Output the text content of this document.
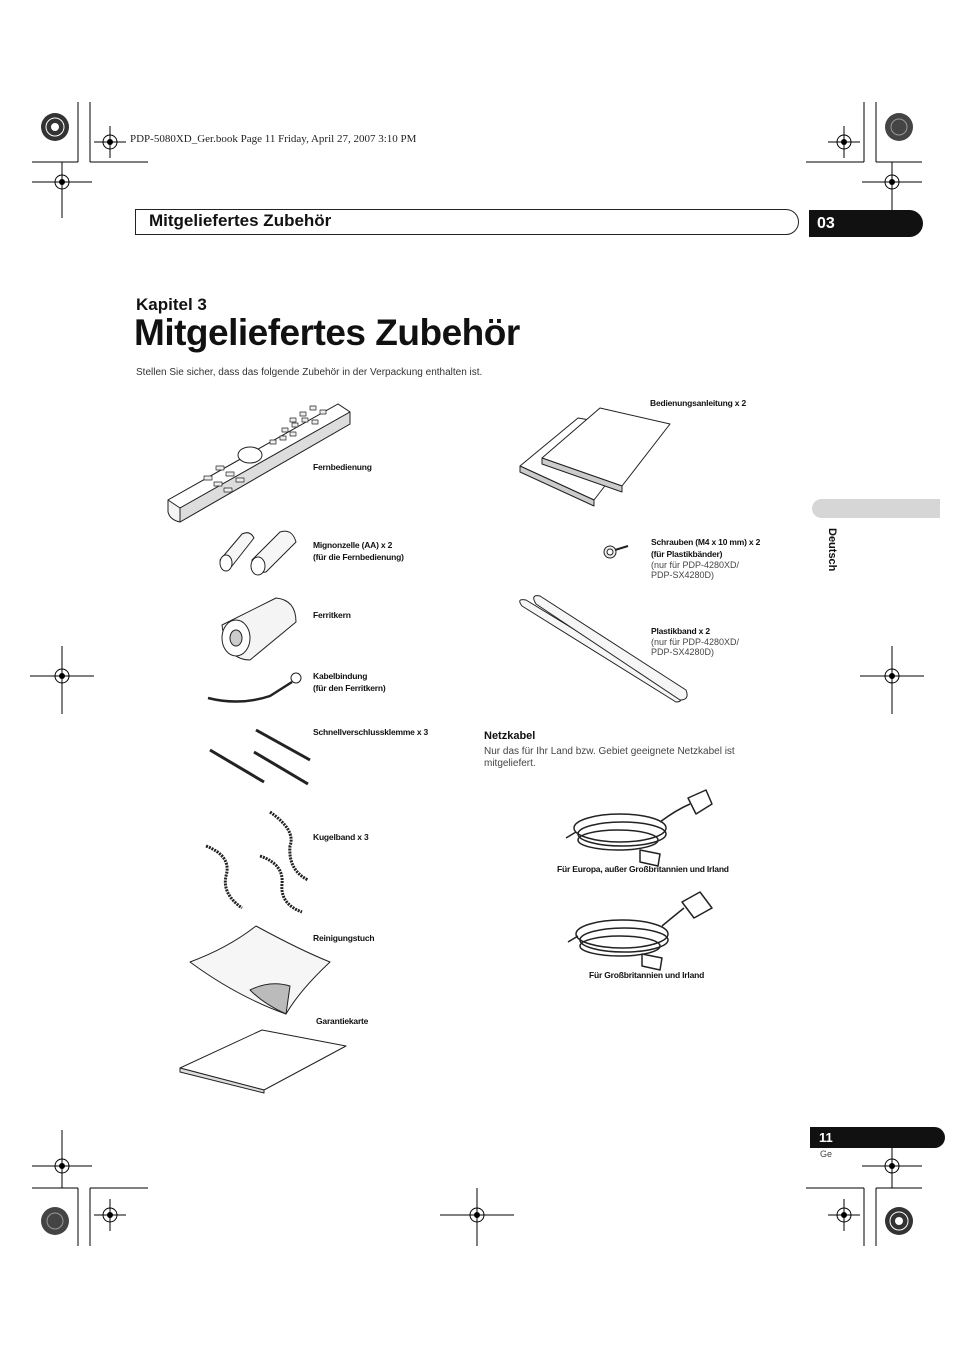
PDP-5080XD_Ger.book Page 11 Friday, April 27, 2007 3:10 PM
Mitgeliefertes Zubehör	03
Kapitel 3
Mitgeliefertes Zubehör
Stellen Sie sicher, dass das folgende Zubehör in der Verpackung enthalten ist.
Deutsch
Fernbedienung
Mignonzelle (AA) x 2
(für die Fernbedienung)
Ferritkern
Kabelbindung
(für den Ferritkern)
Schnellverschlussklemme x 3
Kugelband x 3
Reinigungstuch
Garantiekarte
Bedienungsanleitung x 2
Schrauben (M4 x 10 mm) x 2
(für Plastikbänder)
(nur für PDP-4280XD/
PDP-SX4280D)
Plastikband x 2
(nur für PDP-4280XD/
PDP-SX4280D)
Netzkabel
Nur das für Ihr Land bzw. Gebiet geeignete Netzkabel ist mitgeliefert.
Für Europa, außer Großbritannien und Irland
Für Großbritannien und Irland
11
Ge
